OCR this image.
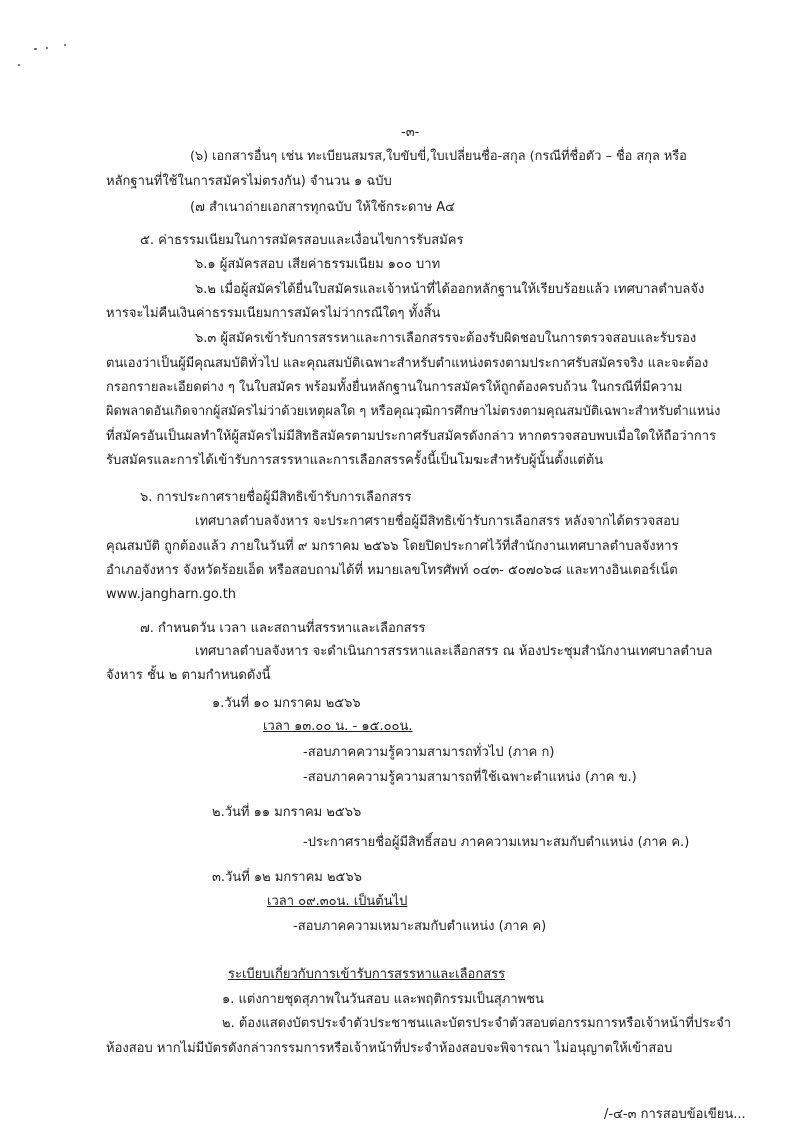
-๓-
(๖) เอกสารอื่นๆ เช่น ทะเบียนสมรส,ใบขับขี่,ใบเปลี่ยนชื่อ-สกุล (กรณีที่ชื่อตัว – ชื่อ สกุล หรือ
หลักฐานที่ใช้ในการสมัครไม่ตรงกัน) จำนวน ๑ ฉบับ
(๗ สำเนาถ่ายเอกสารทุกฉบับ ให้ใช้กระดาษ A๔
๕. ค่าธรรมเนียมในการสมัครสอบและเงื่อนไขการรับสมัคร
๖.๑ ผู้สมัครสอบ เสียค่าธรรมเนียม ๑๐๐ บาท
๖.๒ เมื่อผู้สมัครได้ยื่นใบสมัครและเจ้าหน้าที่ได้ออกหลักฐานให้เรียบร้อยแล้ว เทศบาลตำบลจัง
หารจะไม่คืนเงินค่าธรรมเนียมการสมัครไม่ว่ากรณีใดๆ ทั้งสิ้น
๖.๓ ผู้สมัครเข้ารับการสรรหาและการเลือกสรรจะต้องรับผิดชอบในการตรวจสอบและรับรอง
ตนเองว่าเป็นผู้มีคุณสมบัติทั่วไป และคุณสมบัติเฉพาะสำหรับตำแหน่งตรงตามประกาศรับสมัครจริง และจะต้อง
กรอกรายละเอียดต่าง ๆ ในใบสมัคร พร้อมทั้งยื่นหลักฐานในการสมัครให้ถูกต้องครบถ้วน ในกรณีที่มีความ
ผิดพลาดอันเกิดจากผู้สมัครไม่ว่าด้วยเหตุผลใด ๆ หรือคุณวุฒิการศึกษาไม่ตรงตามคุณสมบัติเฉพาะสำหรับตำแหน่ง
ที่สมัครอันเป็นผลทำให้ผู้สมัครไม่มีสิทธิสมัครตามประกาศรับสมัครดังกล่าว หากตรวจสอบพบเมื่อใดให้ถือว่าการ
รับสมัครและการได้เข้ารับการสรรหาและการเลือกสรรครั้งนี้เป็นโมฆะสำหรับผู้นั้นตั้งแต่ต้น
๖. การประกาศรายชื่อผู้มีสิทธิเข้ารับการเลือกสรร
เทศบาลตำบลจังหาร จะประกาศรายชื่อผู้มีสิทธิเข้ารับการเลือกสรร หลังจากได้ตรวจสอบ
คุณสมบัติ ถูกต้องแล้ว ภายในวันที่ ๙ มกราคม ๒๕๖๖ โดยปิดประกาศไว้ที่สำนักงานเทศบาลตำบลจังหาร
อำเภอจังหาร จังหวัดร้อยเอ็ด หรือสอบถามได้ที่ หมายเลขโทรศัพท์ ๐๔๓- ๕๐๗๐๖๘ และทางอินเตอร์เน็ต
www.jangharn.go.th
๗. กำหนดวัน เวลา และสถานที่สรรหาและเลือกสรร
เทศบาลตำบลจังหาร จะดำเนินการสรรหาและเลือกสรร ณ ห้องประชุมสำนักงานเทศบาลตำบล
จังหาร ชั้น ๒ ตามกำหนดดังนี้
๑.วันที่ ๑๐ มกราคม ๒๕๖๖
เวลา ๑๓.๐๐ น. - ๑๕.๐๐น.
-สอบภาคความรู้ความสามารถทั่วไป (ภาค ก)
-สอบภาคความรู้ความสามารถที่ใช้เฉพาะตำแหน่ง (ภาค ข.)
๒.วันที่ ๑๑ มกราคม ๒๕๖๖
-ประกาศรายชื่อผู้มีสิทธิ์สอบ ภาคความเหมาะสมกับตำแหน่ง (ภาค ค.)
๓.วันที่ ๑๒ มกราคม ๒๕๖๖
เวลา ๐๙.๓๐น. เป็นต้นไป
-สอบภาคความเหมาะสมกับตำแหน่ง (ภาค ค)
ระเบียบเกี่ยวกับการเข้ารับการสรรหาและเลือกสรร
๑. แต่งกายชุดสุภาพในวันสอบ และพฤติกรรมเป็นสุภาพชน
๒. ต้องแสดงบัตรประจำตัวประชาชนและบัตรประจำตัวสอบต่อกรรมการหรือเจ้าหน้าที่ประจำ
ห้องสอบ หากไม่มีบัตรดังกล่าวกรรมการหรือเจ้าหน้าที่ประจำห้องสอบจะพิจารณา ไม่อนุญาตให้เข้าสอบ
/-๔-๓ การสอบข้อเขียน...
